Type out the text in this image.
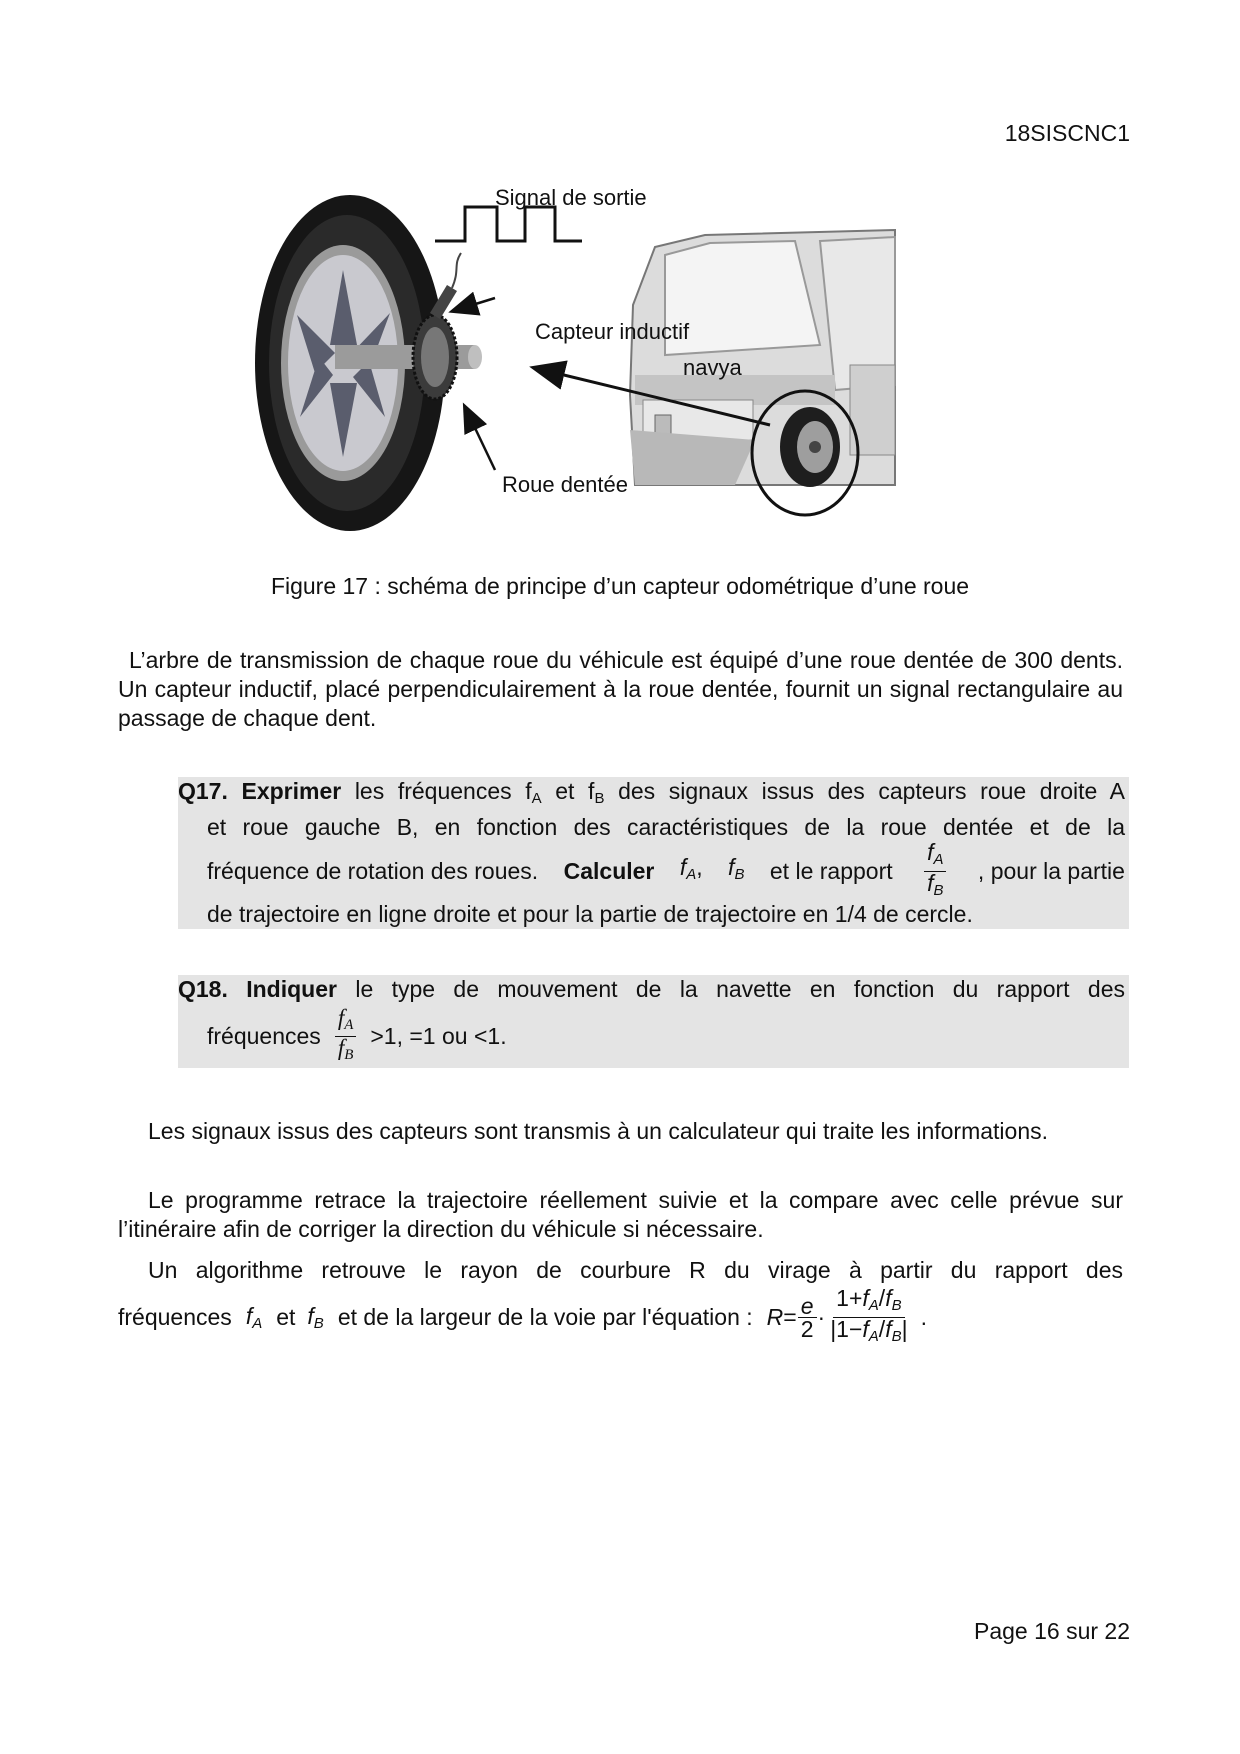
18SISCNC1
navya
Signal de sortie
Capteur inductif
Roue dentée
Figure 17 : schéma de principe d’un capteur odométrique d’une roue
L’arbre de transmission de chaque roue du véhicule est équipé d’une roue dentée de 300 dents. Un capteur inductif, placé perpendiculairement à la roue dentée, fournit un signal rectangulaire au passage de chaque dent.
Q17. Exprimer les fréquences $f_A$ et $f_B$ des signaux issus des capteurs roue droite A
et roue gauche B, en fonction des caractéristiques de la roue dentée et de la
fréquence de rotation des roues. Calculer $f_A$, $f_B$ et le rapport $\frac{f_A}{f_B}$ , pour la partie
de trajectoire en ligne droite et pour la partie de trajectoire en 1/4 de cercle.
Q18. Indiquer le type de mouvement de la navette en fonction du rapport des
fréquences $\frac{f_A}{f_B} >1$, =1 ou <1.
Les signaux issus des capteurs sont transmis à un calculateur qui traite les informations.
Le programme retrace la trajectoire réellement suivie et la compare avec celle prévue sur l’itinéraire afin de corriger la direction du véhicule si nécessaire.
Un algorithme retrouve le rayon de courbure R du virage à partir du rapport des
fréquences $f_A$ et $f_B$ et de la largeur de la voie par l'équation : $R = \frac{e}{2} \cdot \frac{1+f_A/f_B}{|1-f_A/f_B|}$ .
Page 16 sur 22
